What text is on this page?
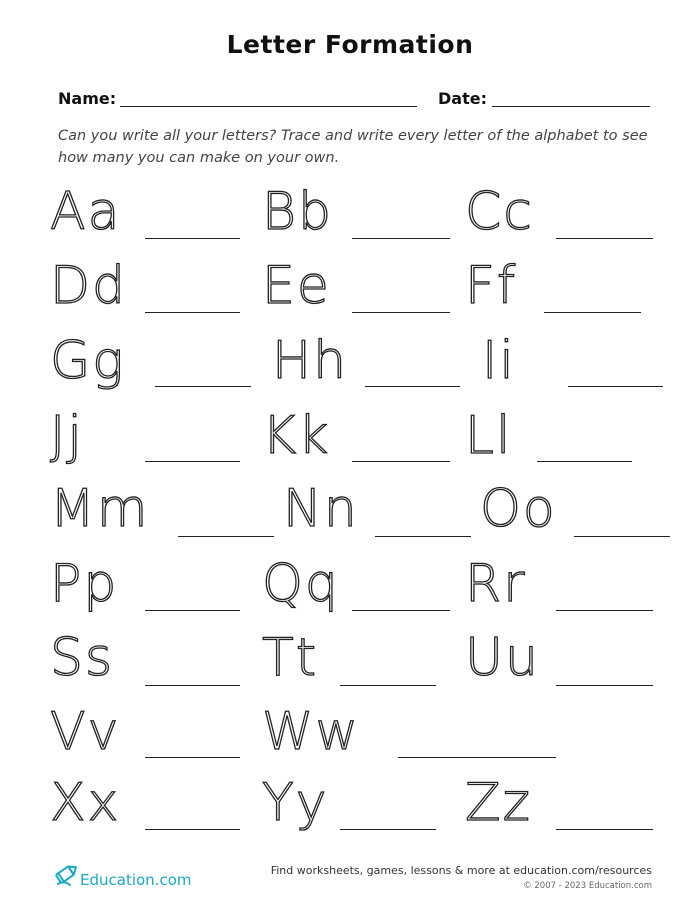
Letter Formation
Name:	Date:

Can you write all your letters? Trace and write every letter of the alphabet to see how many you can make on your own.

Aa	Bb	Cc
Dd	Ee	Ff
Gg	Hh	Ii
Jj	Kk	Ll
Mm	Nn Oo
Pp	Qq Rr
Ss	Tt	Uu
Vv	Ww
Xx	Yy	Zz
Education.com
Find worksheets, games, lessons & more at education.com/resources
© 2007 - 2023 Education.com
